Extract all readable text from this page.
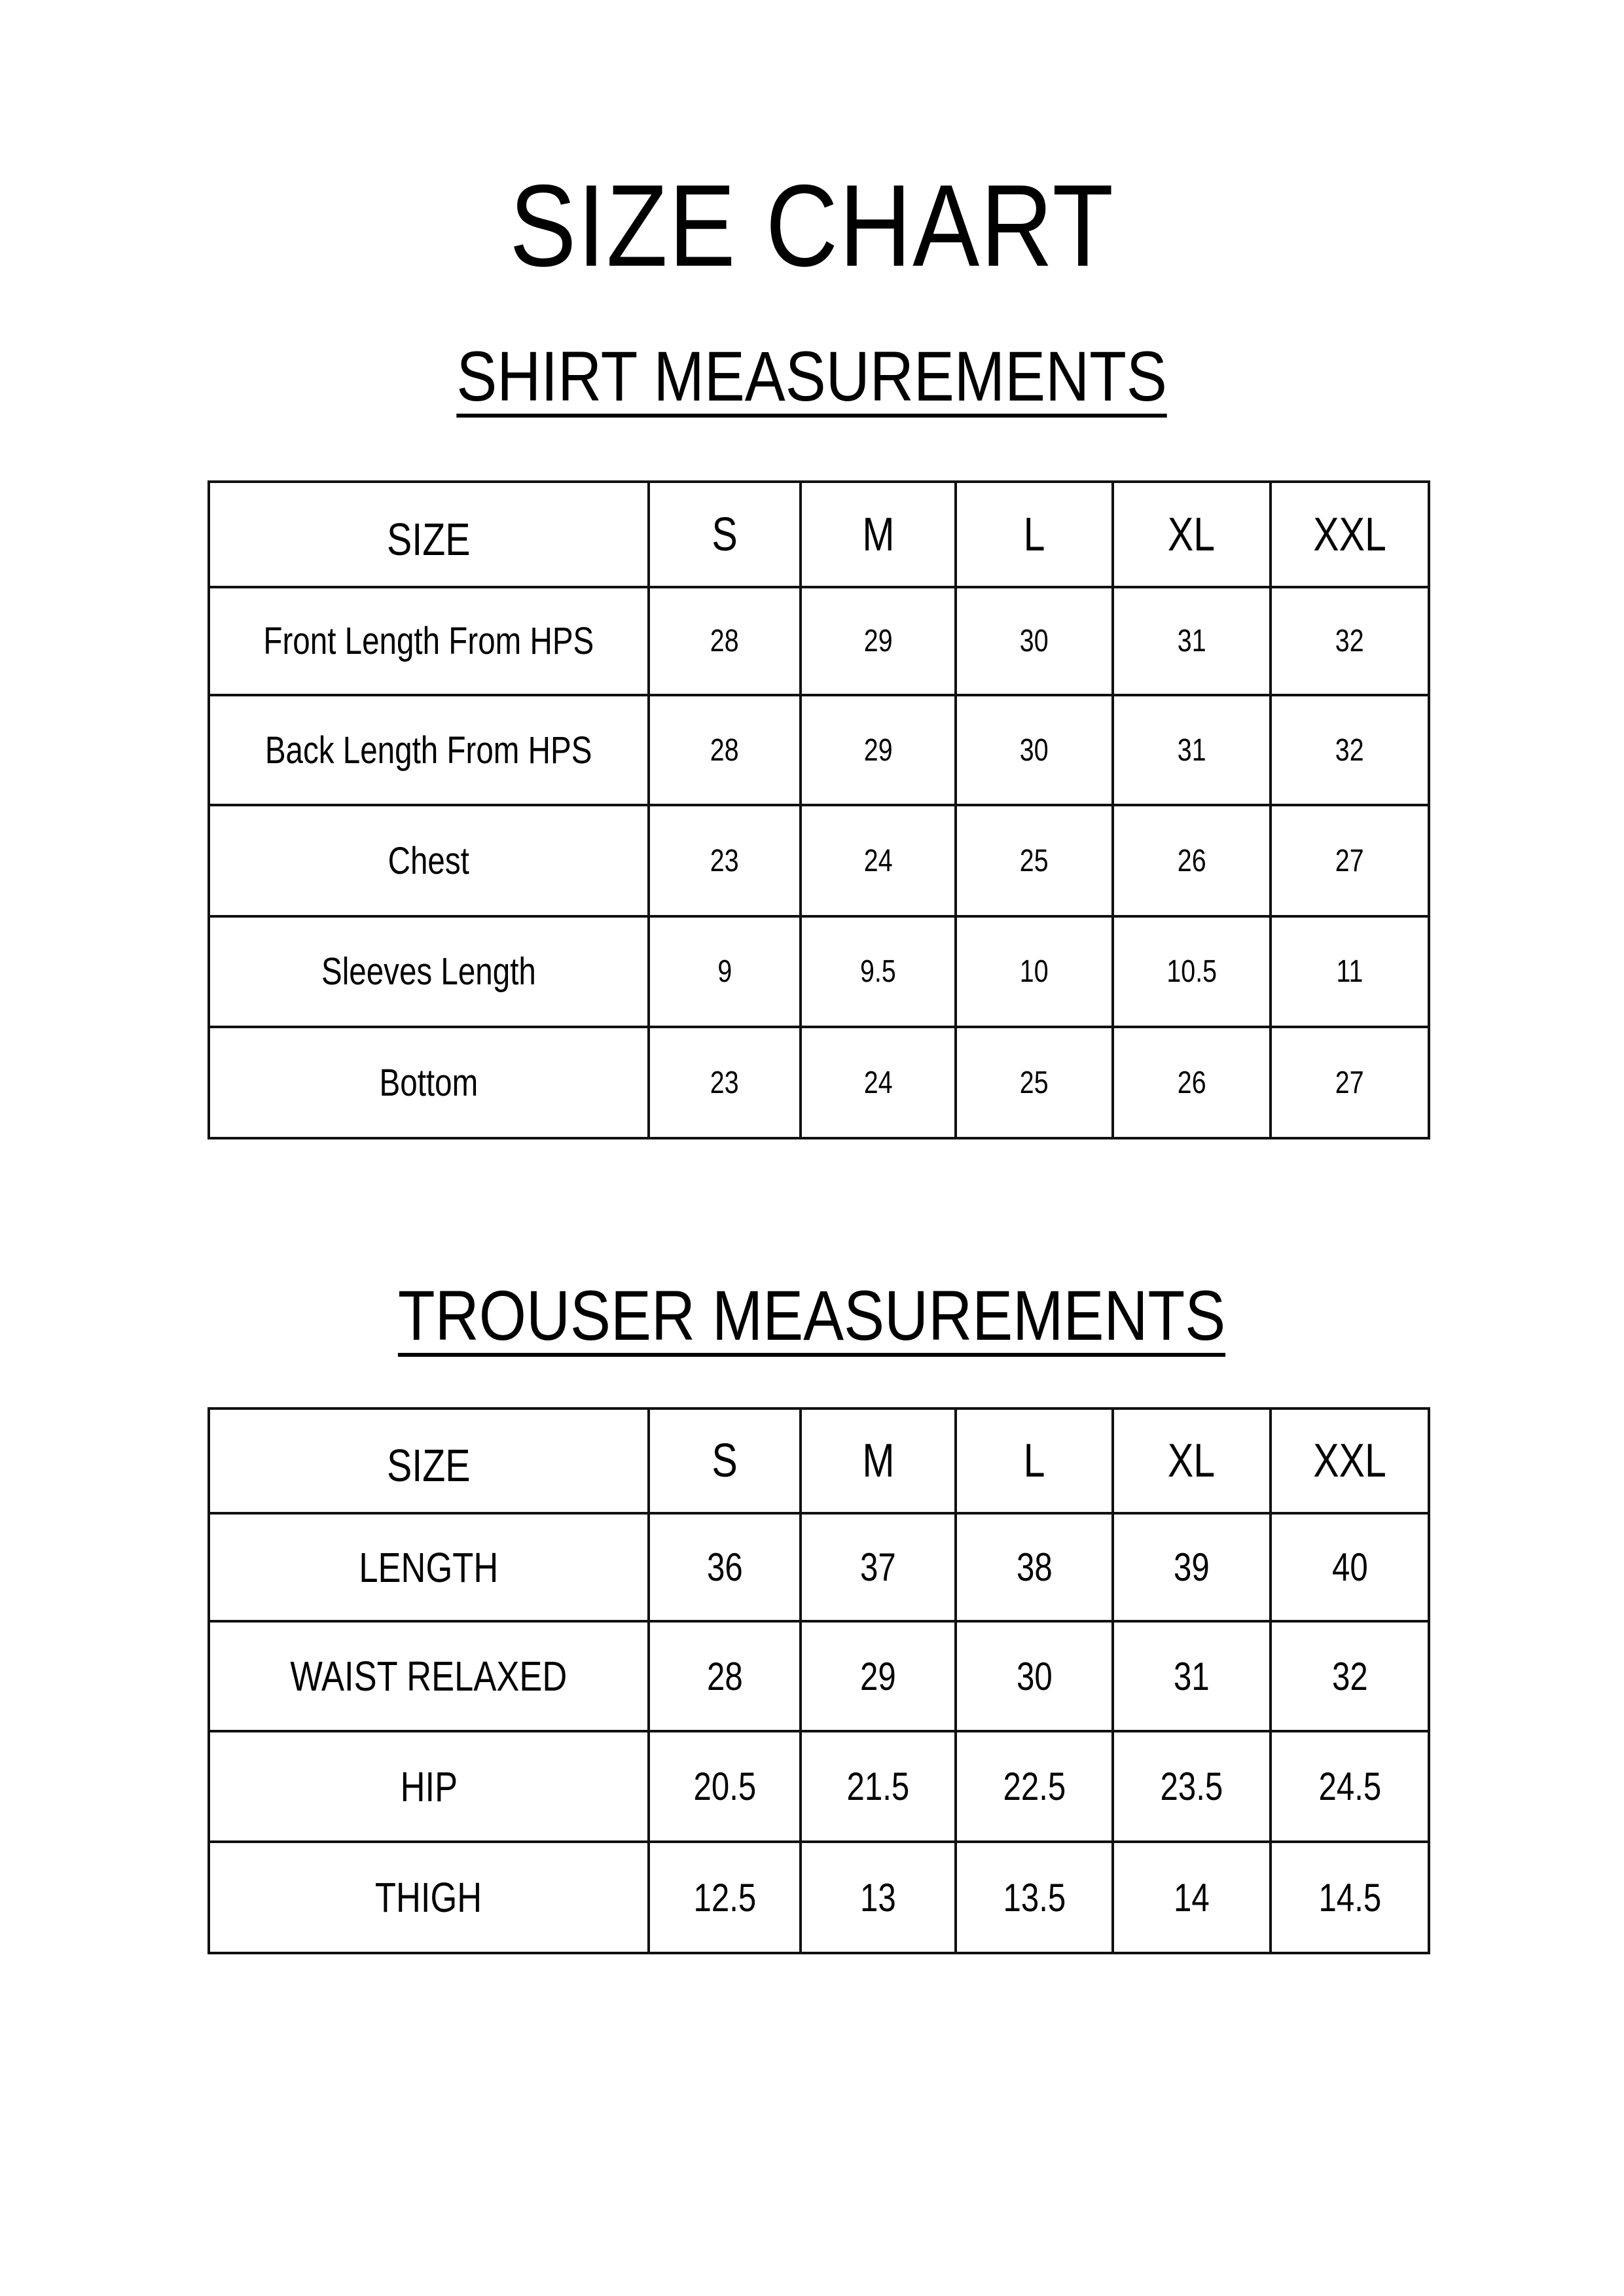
SIZE CHART
SHIRT MEASUREMENTS
SIZE	S	M	L	XL	XXL
Front Length From HPS	28	29	30	31	32
Back Length From HPS	28	29	30	31	32
Chest	23	24	25	26	27
Sleeves Length	9	9.5	10	10.5	11
Bottom	23	24	25	26	27
TROUSER MEASUREMENTS
SIZE	S	M	L	XL	XXL
LENGTH	36	37	38	39	40
WAIST RELAXED	28	29	30	31	32
HIP	20.5	21.5	22.5	23.5	24.5
THIGH	12.5	13	13.5	14	14.5
